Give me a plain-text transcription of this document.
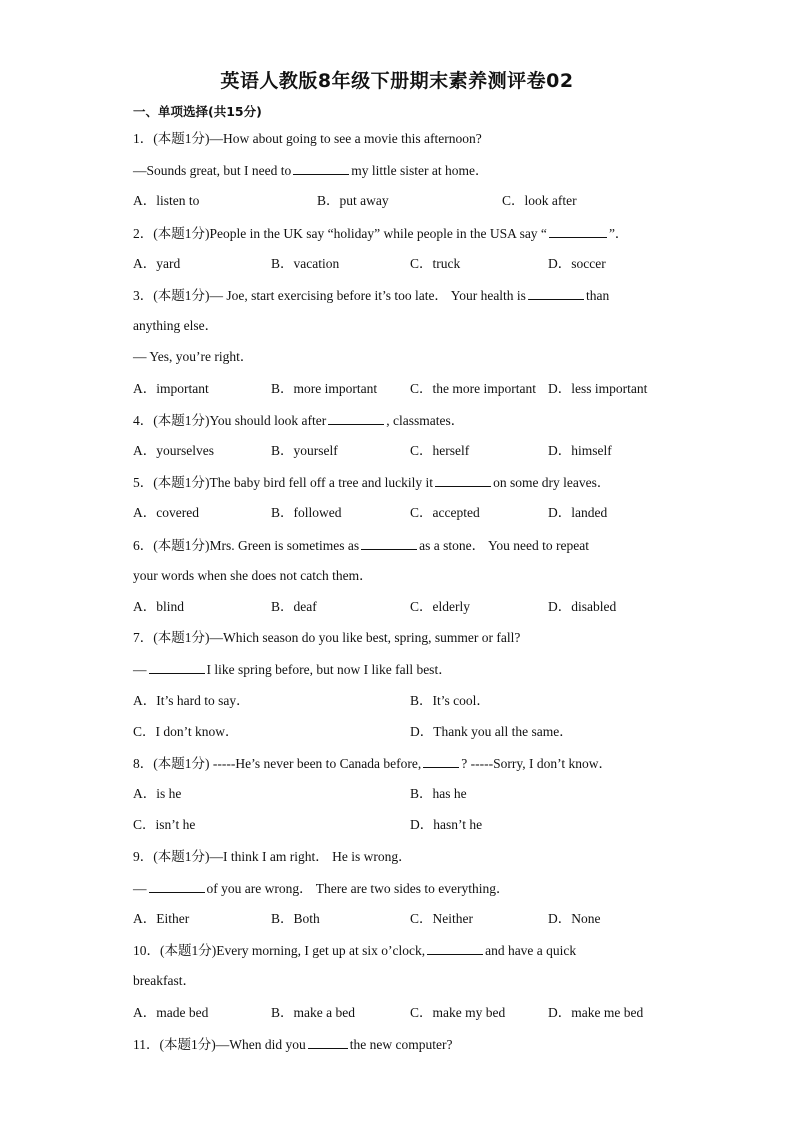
英语人教版8年级下册期末素养测评卷02
一、单项选择(共15分)
1．(本题1分)—How about going to see a movie this afternoon?
—Sounds great, but I need to	my little sister at home．
A．listen to	B．put away	C．look after
2．(本题1分)People in the UK say “holiday” while people in the USA say “	”．
A．yard	B．vacation	C．truck	D．soccer
3．(本题1分)— Joe, start exercising before it’s too late． Your health is	than
anything else．
— Yes, you’re right．
A．important	B．more important C．the more important D．less important
4．(本题1分)You should look after	, classmates．
A．yourselves	B．yourself	C．herself	D．himself
5．(本题1分)The baby bird fell off a tree and luckily it	on some dry leaves．
A．covered	B．followed	C．accepted	D．landed
6．(本题1分)Mrs. Green is sometimes as	as a stone． You need to repeat
your words when she does not catch them．
A．blind	B．deaf	C．elderly	D．disabled
7．(本题1分)—Which season do you like best, spring, summer or fall?
—	I like spring before, but now I like fall best．
A．It’s hard to say．	B．It’s cool．
C．I don’t know．	D．Thank you all the same．
8．(本题1分) -----He’s never been to Canada before,	? -----Sorry, I don’t know．
A．is he	B．has he
C．isn’t he	D．hasn’t he
9．(本题1分)—I think I am right． He is wrong．
—	of you are wrong． There are two sides to everything．
A．Either	B．Both	C．Neither	D．None
10．(本题1分)Every morning, I get up at six o’clock,	and have a quick
breakfast．
A．made bed	B．make a bed	C．make my bed	D．make me bed
11．(本题1分)—When did you	the new computer?
